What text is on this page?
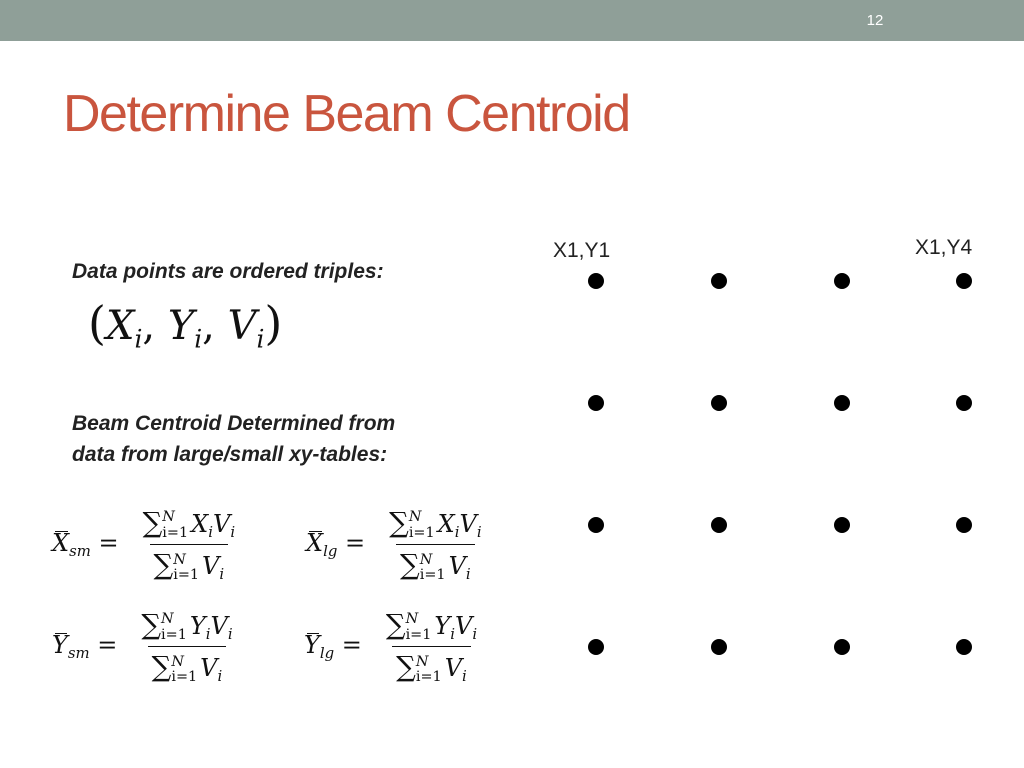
12
Determine Beam Centroid

Data points are ordered triples:

($X_i$, $Y_i$, $V_i$)

Beam Centroid Determined from
data from large/small xy-tables:

$X_{sm}$ = ∑ N
i=1 $X_iV_i$
∑ N
i=1 $V_i$	$X_{lg}$ = ∑ N
i=1 $X_iV_i$
∑ N
i=1 $V_i$
$Y_{sm}$ = ∑ N
i=1 $Y_iV_i$
∑ N
i=1 $V_i$	$Y_{lg}$ = ∑ N
i=1 $Y_iV_i$
∑ N
i=1 $V_i$
X1,Y1	X1,Y4
